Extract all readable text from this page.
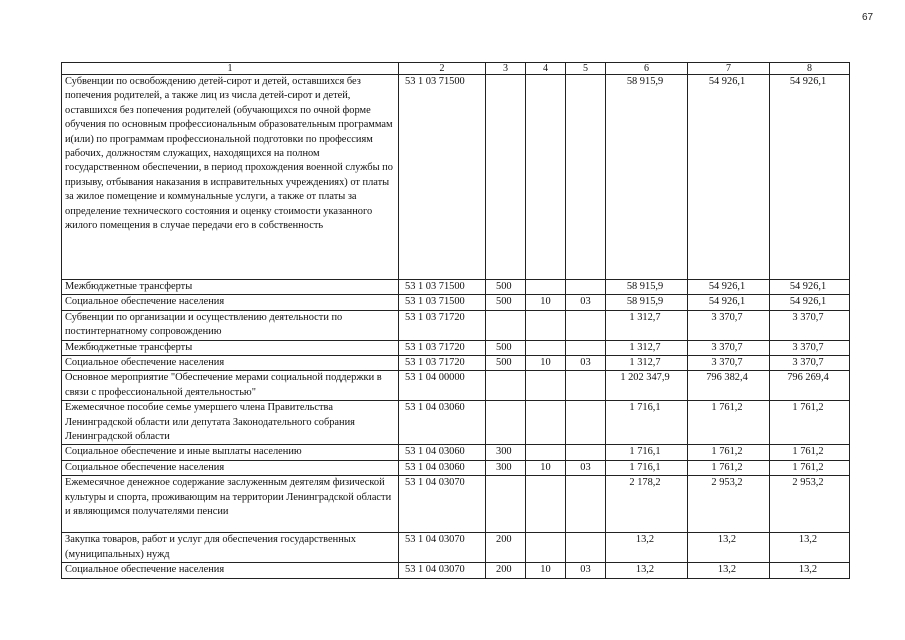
67
1	2	3	4	5	6	7	8
Субвенции по освобождению детей-сирот и детей, оставшихся без попечения родителей, а также лиц из числа детей-сирот и детей, оставшихся без попечения родителей (обучающихся по очной форме обучения по основным профессиональным образовательным программам и(или) по программам профессиональной подготовки по профессиям рабочих, должностям служащих, находящихся на полном государственном обеспечении, в период прохождения военной службы по призыву, отбывания наказания в исправительных учреждениях) от платы за жилое помещение и коммунальные услуги, а также от платы за определение технического состояния и оценку стоимости указанного жилого помещения в случае передачи его в собственность	53 1 03 71500				58 915,9	54 926,1	54 926,1
Межбюджетные трансферты	53 1 03 71500	500			58 915,9	54 926,1	54 926,1
Социальное обеспечение населения	53 1 03 71500	500	10	03	58 915,9	54 926,1	54 926,1
Субвенции по организации и осуществлению деятельности по постинтернатному сопровождению	53 1 03 71720				1 312,7	3 370,7	3 370,7
Межбюджетные трансферты	53 1 03 71720	500			1 312,7	3 370,7	3 370,7
Социальное обеспечение населения	53 1 03 71720	500	10	03	1 312,7	3 370,7	3 370,7
Основное мероприятие "Обеспечение мерами социальной поддержки в связи с профессиональной деятельностью"	53 1 04 00000				1 202 347,9	796 382,4	796 269,4
Ежемесячное пособие семье умершего члена Правительства Ленинградской области или депутата Законодательного собрания Ленинградской области	53 1 04 03060				1 716,1	1 761,2	1 761,2
Социальное обеспечение и иные выплаты населению	53 1 04 03060	300			1 716,1	1 761,2	1 761,2
Социальное обеспечение населения	53 1 04 03060	300	10	03	1 716,1	1 761,2	1 761,2
Ежемесячное денежное содержание заслуженным деятелям физической культуры и спорта, проживающим на территории Ленинградской области и являющимся получателями пенсии	53 1 04 03070				2 178,2	2 953,2	2 953,2
Закупка товаров, работ и услуг для обеспечения государственных (муниципальных) нужд	53 1 04 03070	200			13,2	13,2	13,2
Социальное обеспечение населения	53 1 04 03070	200	10	03	13,2	13,2	13,2
